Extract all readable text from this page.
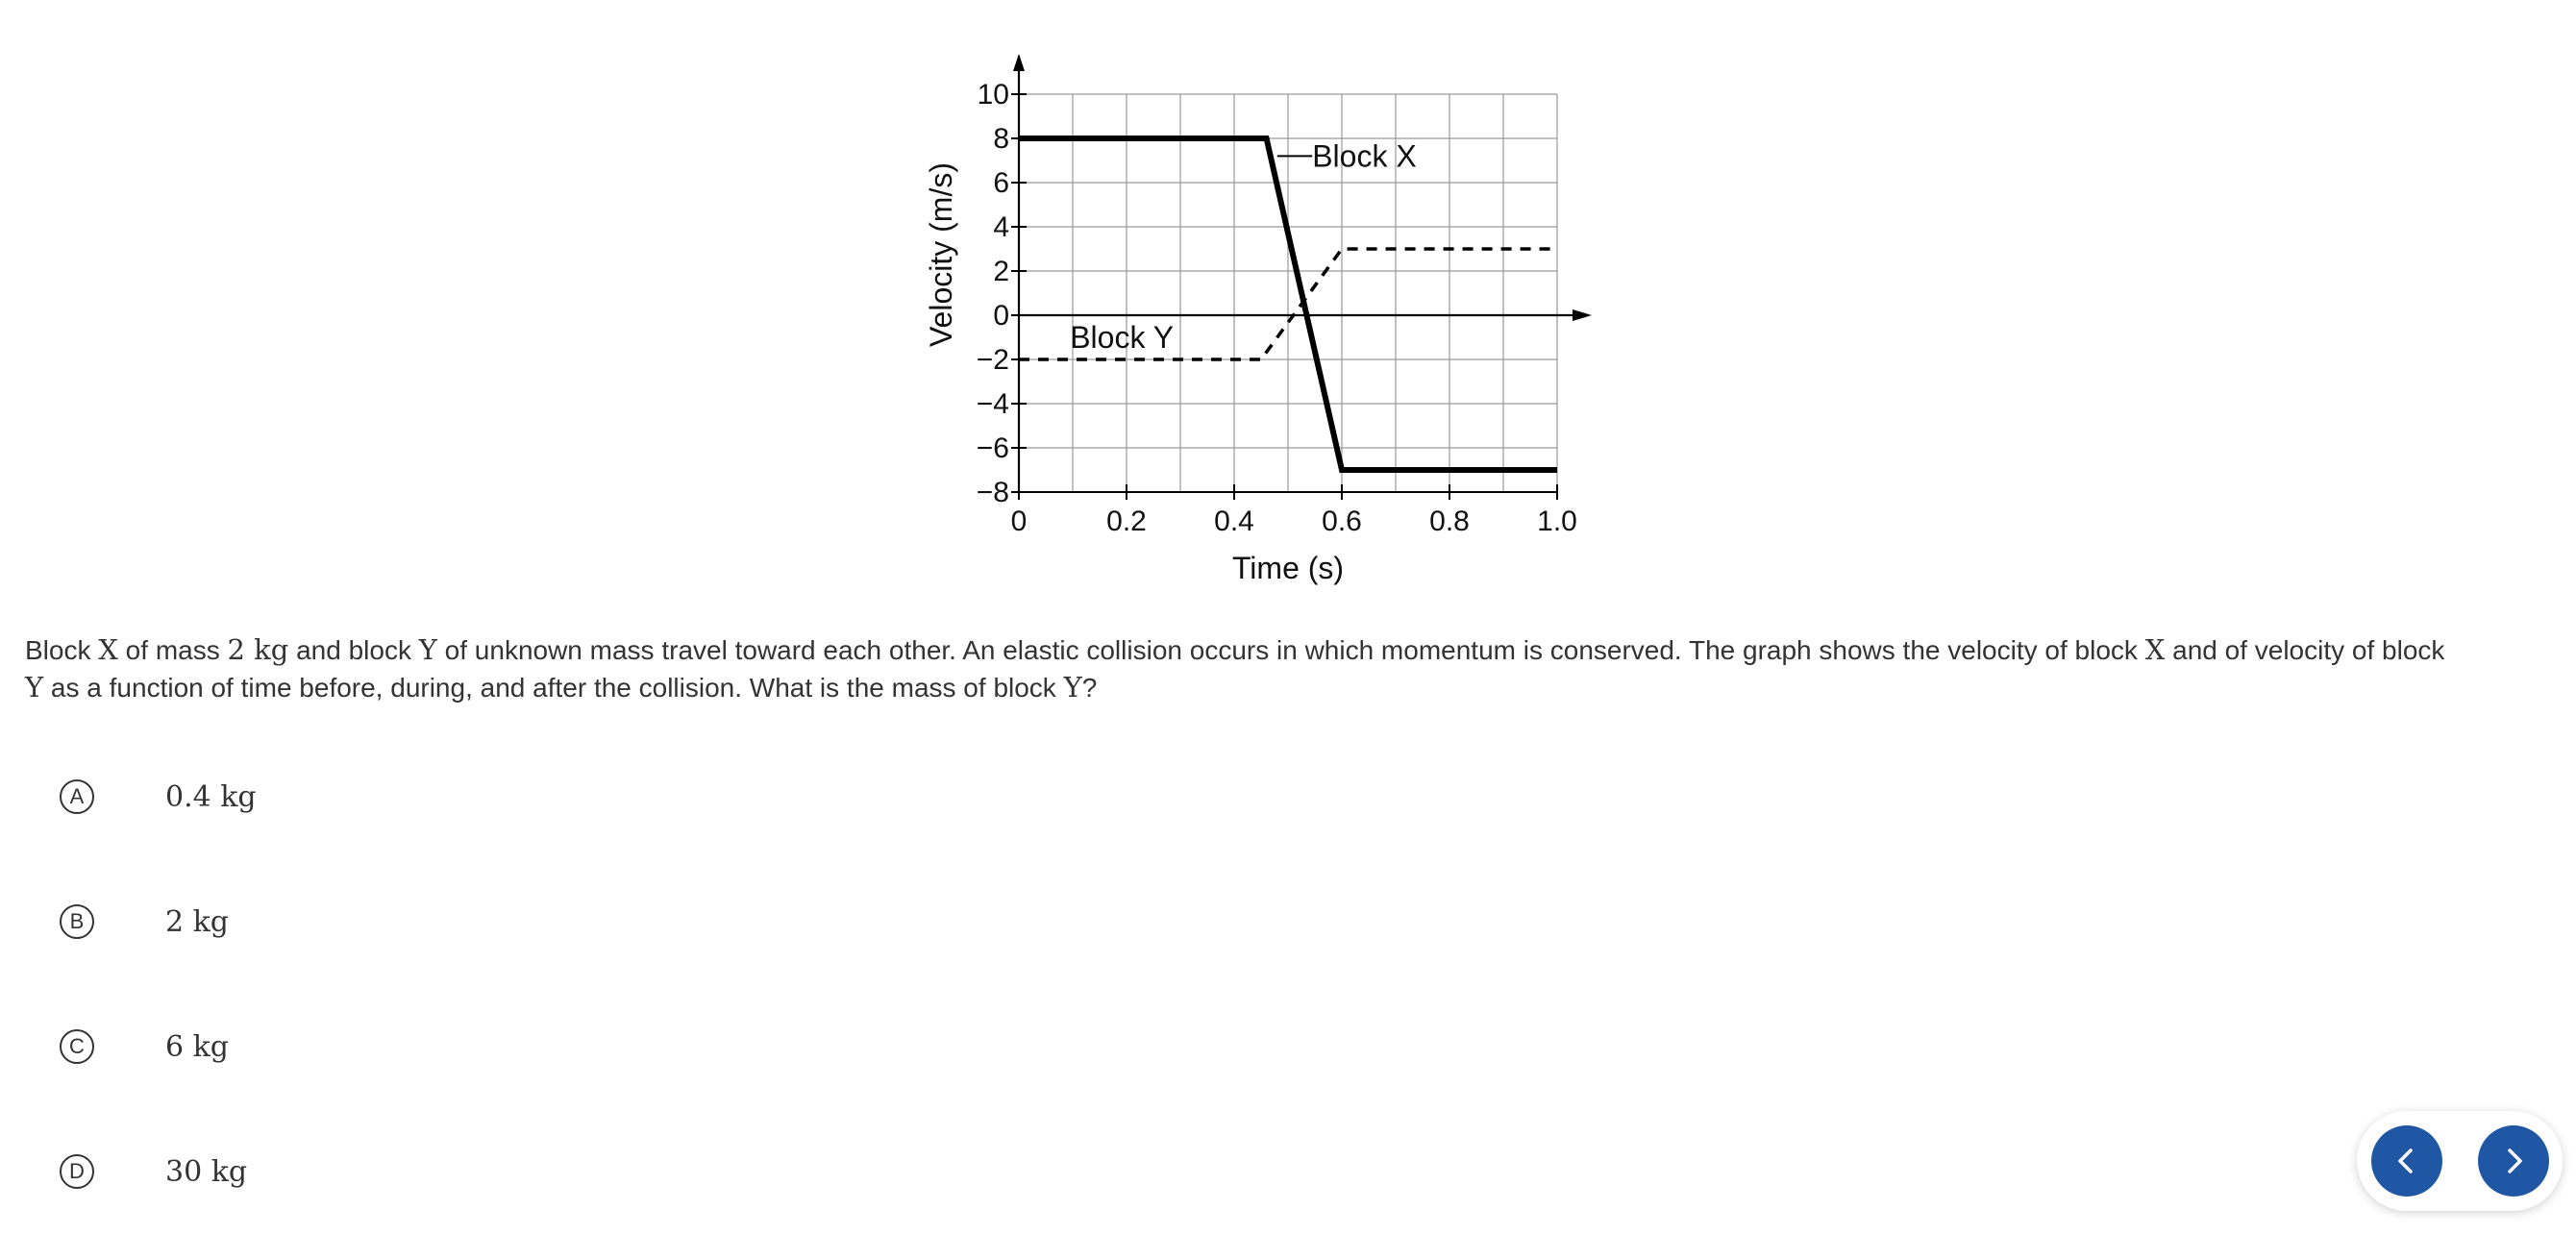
10
8
6
4
2
0
−2
−4
−6
−8
0	0.2 0.4 0.6 0.8 1.0
Block X
Block Y
Time (s)
Velocity (m/s)
Block X of mass 2 kg and block Y of unknown mass travel toward each other. An elastic collision occurs in which momentum is conserved. The graph shows the velocity of block X and of velocity of block
Y as a function of time before, during, and after the collision. What is the mass of block Y?
A	0.4 kg
B	2 kg
C	6 kg
D	30 kg
